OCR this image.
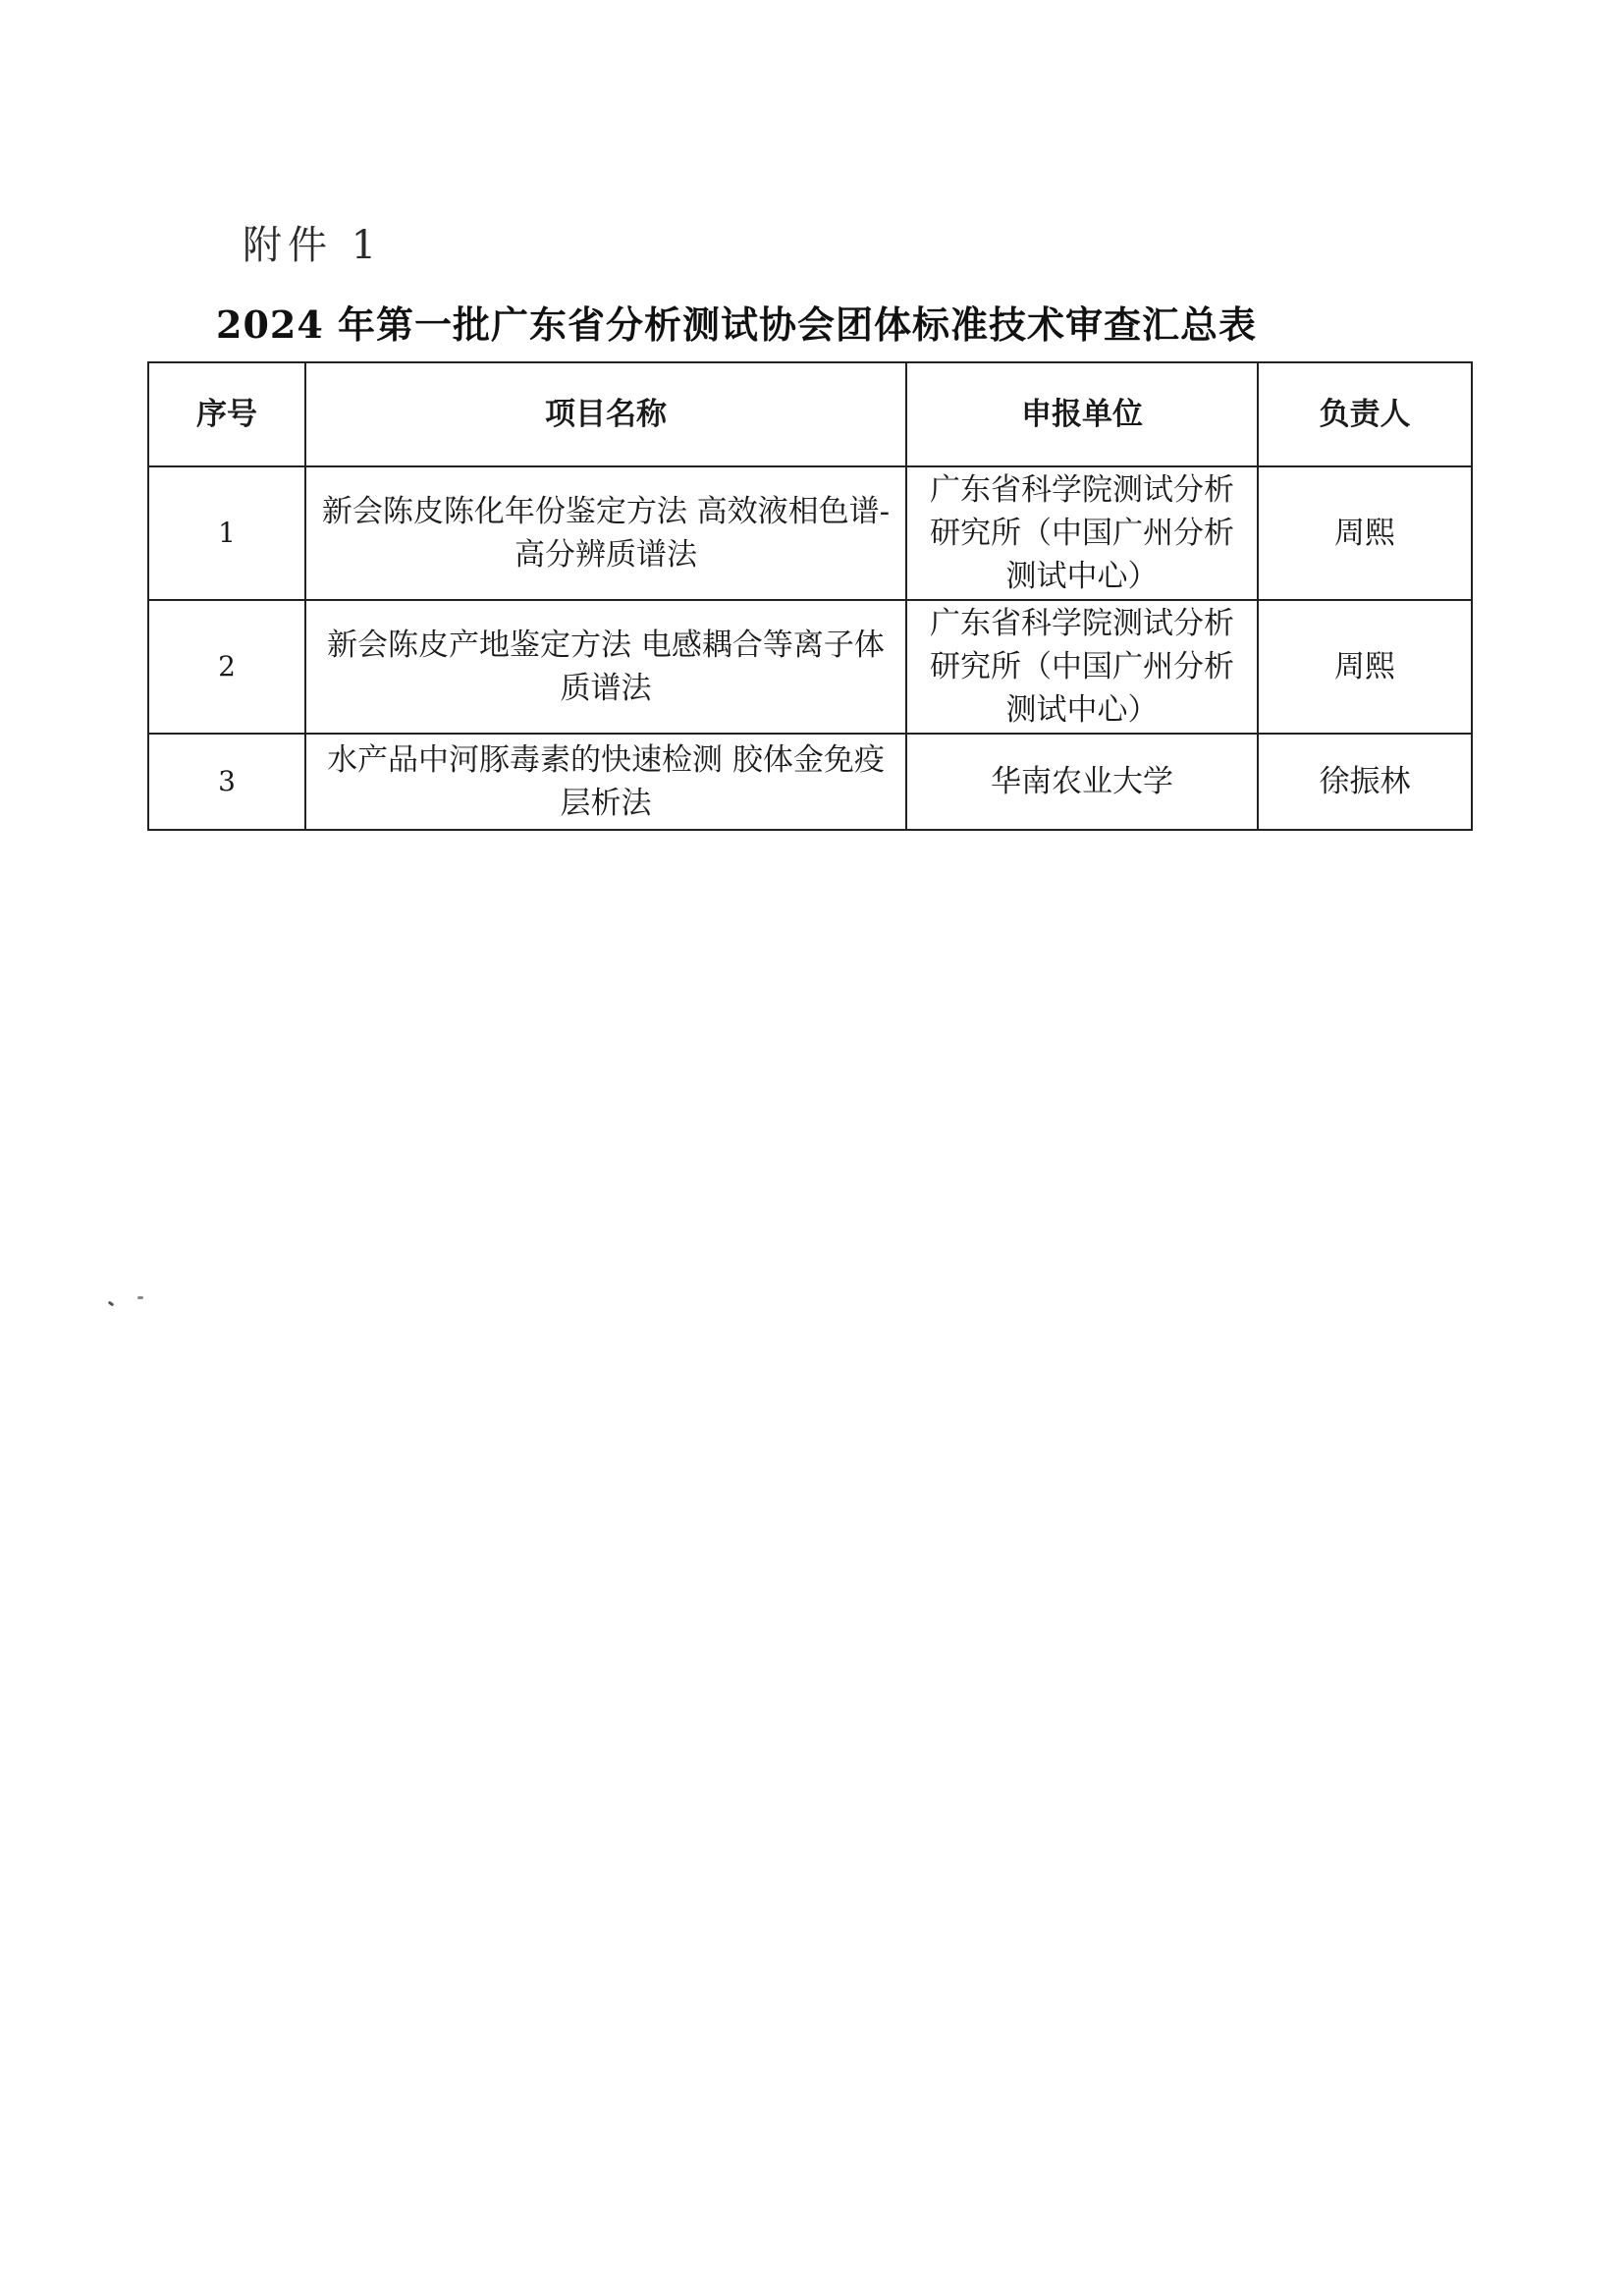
附件 1
2024 年第一批广东省分析测试协会团体标准技术审查汇总表
序号	项目名称	申报单位	负责人
1	新会陈皮陈化年份鉴定方法 高效液相色谱-高分辨质谱法	广东省科学院测试分析研究所（中国广州分析测试中心）	周熙
2	新会陈皮产地鉴定方法 电感耦合等离子体质谱法	广东省科学院测试分析研究所（中国广州分析测试中心）	周熙
3	水产品中河豚毒素的快速检测 胶体金免疫层析法	华南农业大学	徐振林
